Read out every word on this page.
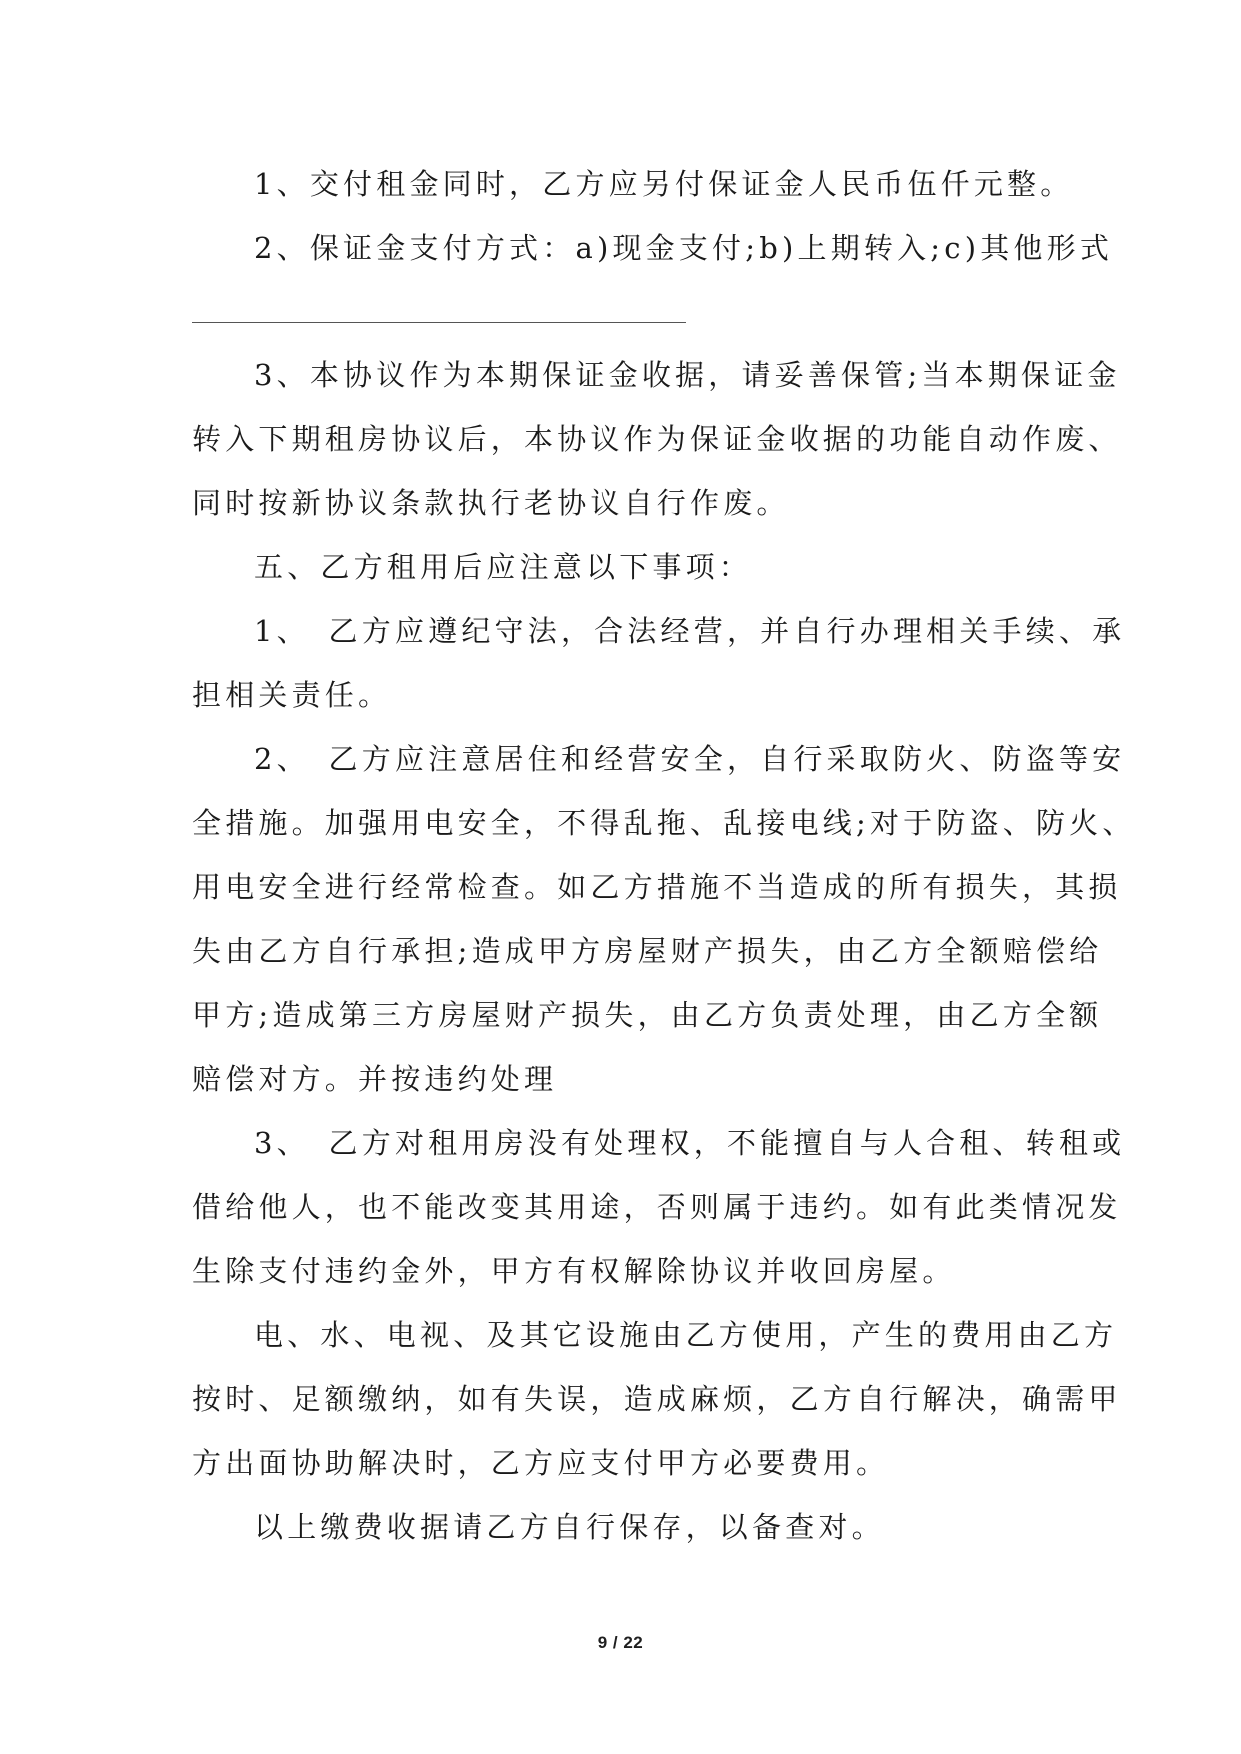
1、交付租金同时，乙方应另付保证金人民币伍仟元整。
2、保证金支付方式：a)现金支付;b)上期转入;c)其他形式
3、本协议作为本期保证金收据，请妥善保管;当本期保证金
转入下期租房协议后，本协议作为保证金收据的功能自动作废、
同时按新协议条款执行老协议自行作废。
五、乙方租用后应注意以下事项：
1、　乙方应遵纪守法，合法经营，并自行办理相关手续、承
担相关责任。
2、　乙方应注意居住和经营安全，自行采取防火、防盗等安
全措施。加强用电安全，不得乱拖、乱接电线;对于防盗、防火、
用电安全进行经常检查。如乙方措施不当造成的所有损失，其损
失由乙方自行承担;造成甲方房屋财产损失，由乙方全额赔偿给
甲方;造成第三方房屋财产损失，由乙方负责处理，由乙方全额
赔偿对方。并按违约处理
3、　乙方对租用房没有处理权，不能擅自与人合租、转租或
借给他人，也不能改变其用途，否则属于违约。如有此类情况发
生除支付违约金外，甲方有权解除协议并收回房屋。
电、水、电视、及其它设施由乙方使用，产生的费用由乙方
按时、足额缴纳，如有失误，造成麻烦，乙方自行解决，确需甲
方出面协助解决时，乙方应支付甲方必要费用。
以上缴费收据请乙方自行保存，以备查对。
9 / 22
